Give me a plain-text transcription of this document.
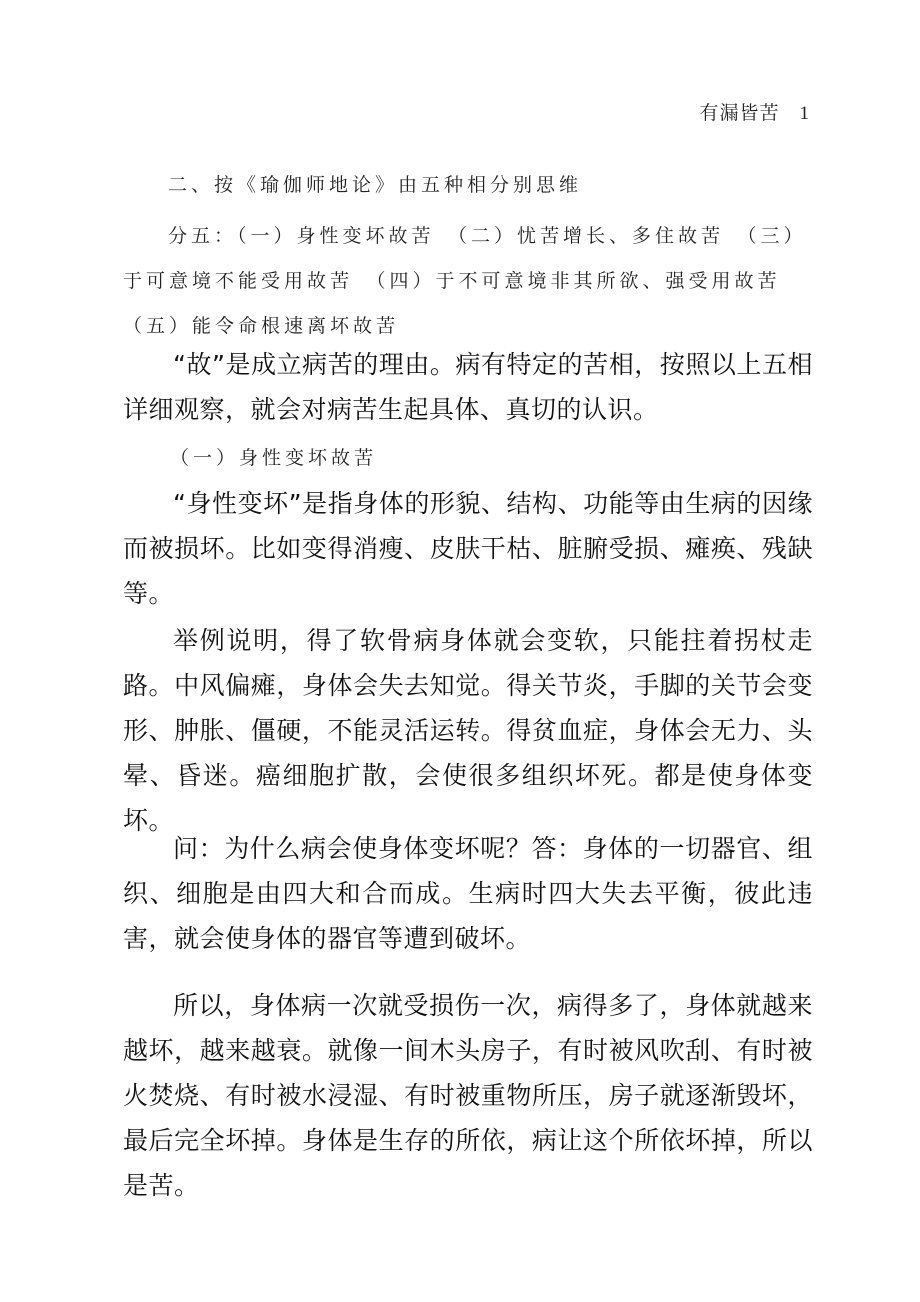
有漏皆苦 1
二、按《瑜伽师地论》由五种相分别思维
分五：（一）身性变坏故苦　（二）忧苦增长、多住故苦　（三）于可意境不能受用故苦　（四）于不可意境非其所欲、强受用故苦　（五）能令命根速离坏故苦
“故”是成立病苦的理由。病有特定的苦相，按照以上五相详细观察，就会对病苦生起具体、真切的认识。
（一）身性变坏故苦
“身性变坏”是指身体的形貌、结构、功能等由生病的因缘而被损坏。比如变得消瘦、皮肤干枯、脏腑受损、瘫痪、残缺等。
举例说明，得了软骨病身体就会变软，只能拄着拐杖走路。中风偏瘫，身体会失去知觉。得关节炎，手脚的关节会变形、肿胀、僵硬，不能灵活运转。得贫血症，身体会无力、头晕、昏迷。癌细胞扩散，会使很多组织坏死。都是使身体变坏。
问：为什么病会使身体变坏呢？答：身体的一切器官、组织、细胞是由四大和合而成。生病时四大失去平衡，彼此违害，就会使身体的器官等遭到破坏。
所以，身体病一次就受损伤一次，病得多了，身体就越来越坏，越来越衰。就像一间木头房子，有时被风吹刮、有时被火焚烧、有时被水浸湿、有时被重物所压，房子就逐渐毁坏，最后完全坏掉。身体是生存的所依，病让这个所依坏掉，所以是苦。
